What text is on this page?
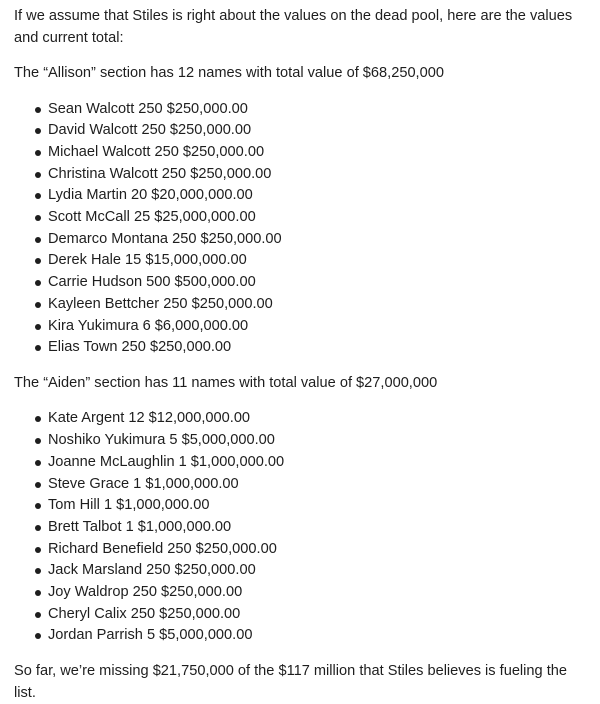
If we assume that Stiles is right about the values on the dead pool, here are the values and current total:

The “Allison” section has 12 names with total value of $68,250,000

Sean Walcott 250 $250,000.00
David Walcott 250 $250,000.00
Michael Walcott 250 $250,000.00
Christina Walcott 250 $250,000.00
Lydia Martin 20 $20,000,000.00
Scott McCall 25 $25,000,000.00
Demarco Montana 250 $250,000.00
Derek Hale 15 $15,000,000.00
Carrie Hudson 500 $500,000.00
Kayleen Bettcher 250 $250,000.00
Kira Yukimura 6 $6,000,000.00
Elias Town 250 $250,000.00

The “Aiden” section has 11 names with total value of $27,000,000

Kate Argent 12 $12,000,000.00
Noshiko Yukimura 5 $5,000,000.00
Joanne McLaughlin 1 $1,000,000.00
Steve Grace 1 $1,000,000.00
Tom Hill 1 $1,000,000.00
Brett Talbot 1 $1,000,000.00
Richard Benefield 250 $250,000.00
Jack Marsland 250 $250,000.00
Joy Waldrop 250 $250,000.00
Cheryl Calix 250 $250,000.00
Jordan Parrish 5 $5,000,000.00

So far, we’re missing $21,750,000 of the $117 million that Stiles believes is fueling the list.
